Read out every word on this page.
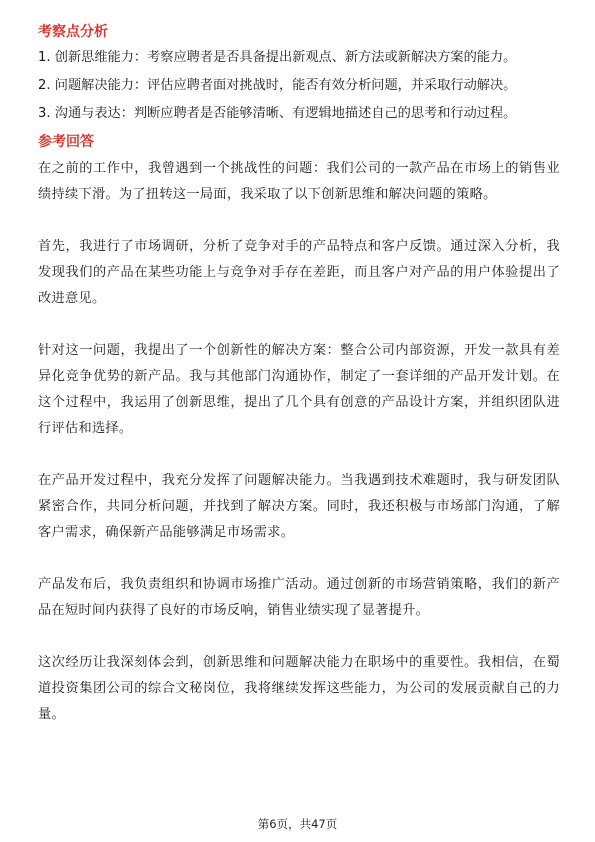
考察点分析
1. 创新思维能力：考察应聘者是否具备提出新观点、新方法或新解决方案的能力。
2. 问题解决能力：评估应聘者面对挑战时，能否有效分析问题，并采取行动解决。
3. 沟通与表达：判断应聘者是否能够清晰、有逻辑地描述自己的思考和行动过程。
参考回答

在之前的工作中，我曾遇到一个挑战性的问题：我们公司的一款产品在市场上的销售业绩持续下滑。为了扭转这一局面，我采取了以下创新思维和解决问题的策略。

首先，我进行了市场调研，分析了竞争对手的产品特点和客户反馈。通过深入分析，我发现我们的产品在某些功能上与竞争对手存在差距，而且客户对产品的用户体验提出了改进意见。

针对这一问题，我提出了一个创新性的解决方案：整合公司内部资源，开发一款具有差异化竞争优势的新产品。我与其他部门沟通协作，制定了一套详细的产品开发计划。在这个过程中，我运用了创新思维，提出了几个具有创意的产品设计方案，并组织团队进行评估和选择。

在产品开发过程中，我充分发挥了问题解决能力。当我遇到技术难题时，我与研发团队紧密合作，共同分析问题，并找到了解决方案。同时，我还积极与市场部门沟通，了解客户需求，确保新产品能够满足市场需求。

产品发布后，我负责组织和协调市场推广活动。通过创新的市场营销策略，我们的新产品在短时间内获得了良好的市场反响，销售业绩实现了显著提升。

这次经历让我深刻体会到，创新思维和问题解决能力在职场中的重要性。我相信，在蜀道投资集团公司的综合文秘岗位，我将继续发挥这些能力，为公司的发展贡献自己的力量。

第6页，共47页
